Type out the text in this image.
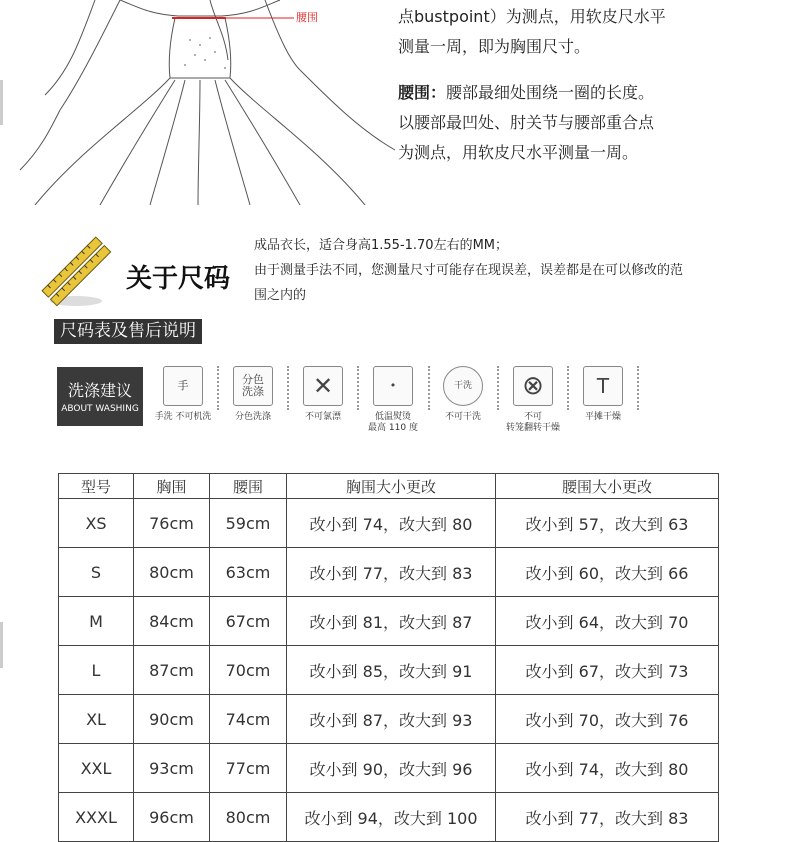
腰围	点bustpoint）为测点，用软皮尺水平
测量一周，即为胸围尺寸。
腰围：腰部最细处围绕一圈的长度。
以腰部最凹处、肘关节与腰部重合点
为测点，用软皮尺水平测量一周。
关于尺码
成品衣长，适合身高1.55-1.70左右的MM；
由于测量手法不同，您测量尺寸可能存在现误差，误差都是在可以修改的范
围之内的
尺码表及售后说明
洗涤建议
ABOUT WASHING
手
手洗 不可机洗
分色
洗涤
分色洗涤
✕
不可氯漂
•
低温熨烫
最高 110 度
干洗
不可干洗
⊗
不可
转笼翻转干燥
T
平摊干燥
型号	胸围	腰围	胸围大小更改	腰围大小更改
XS	76cm	59cm	改小到 74，改大到 80	改小到 57，改大到 63
S	80cm	63cm	改小到 77，改大到 83	改小到 60，改大到 66
M	84cm	67cm	改小到 81，改大到 87	改小到 64，改大到 70
L	87cm	70cm	改小到 85，改大到 91	改小到 67，改大到 73
XL	90cm	74cm	改小到 87，改大到 93	改小到 70，改大到 76
XXL	93cm	77cm	改小到 90，改大到 96	改小到 74，改大到 80
XXXL	96cm	80cm	改小到 94，改大到 100	改小到 77，改大到 83
